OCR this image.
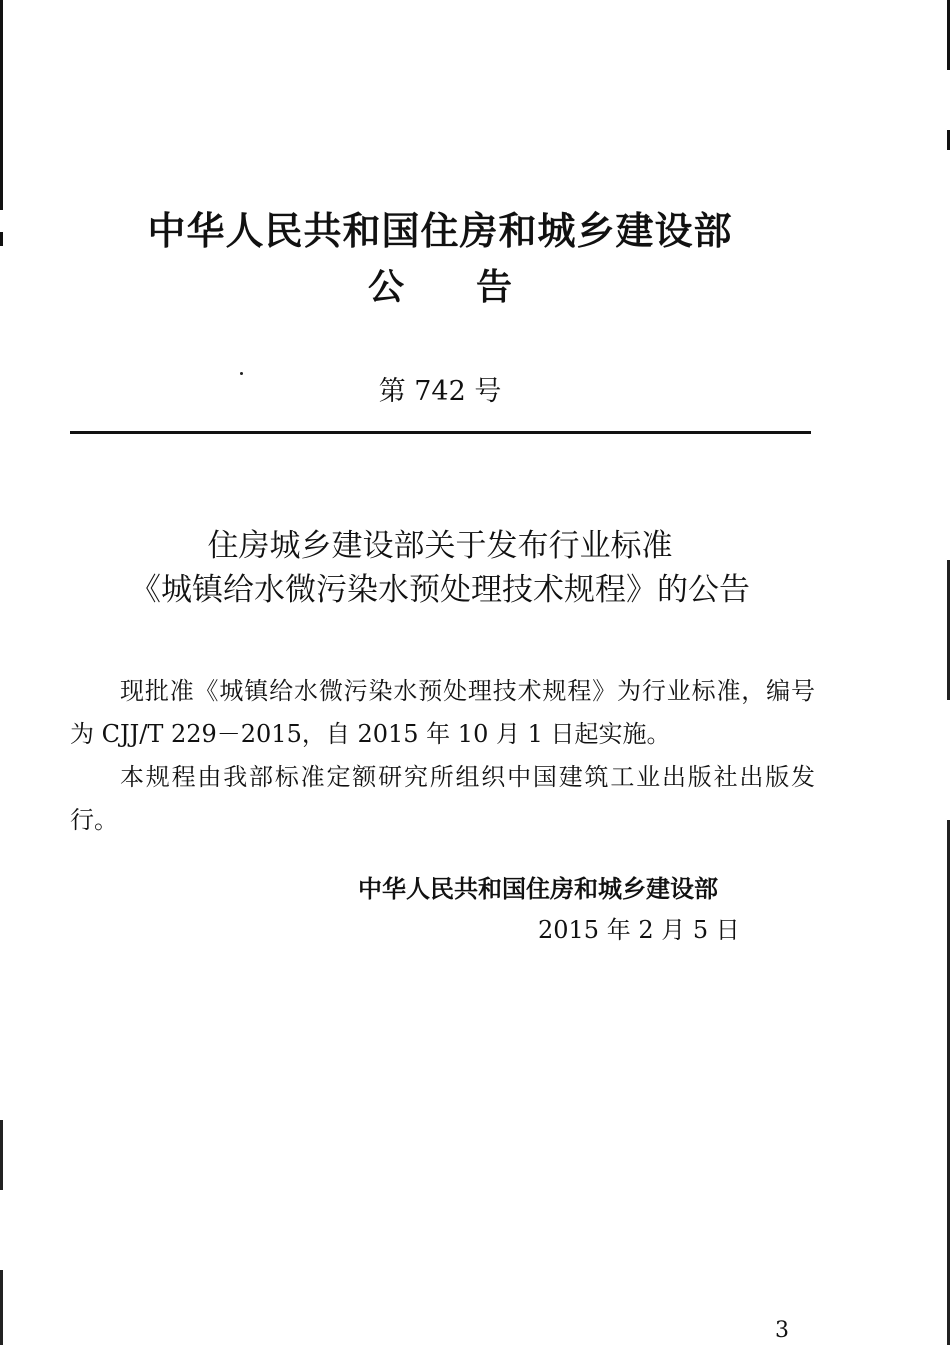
中华人民共和国住房和城乡建设部
公告
第 742 号
住房城乡建设部关于发布行业标准
《城镇给水微污染水预处理技术规程》的公告

现批准《城镇给水微污染水预处理技术规程》为行业标准，编号为 CJJ/T 229－2015，自 2015 年 10 月 1 日起实施。

本规程由我部标准定额研究所组织中国建筑工业出版社出版发行。

中华人民共和国住房和城乡建设部
2015 年 2 月 5 日
3
